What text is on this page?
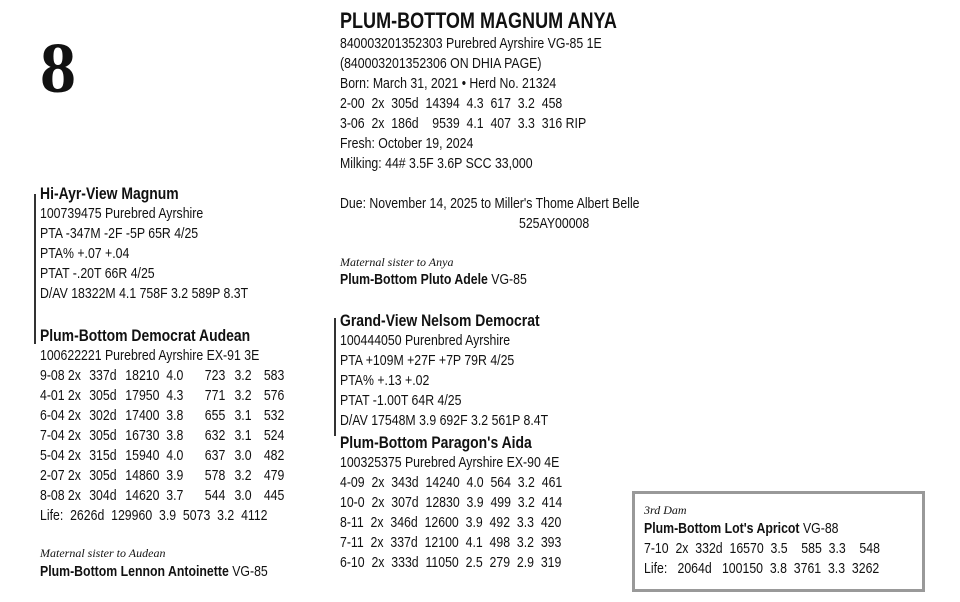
8
PLUM-BOTTOM MAGNUM ANYA
840003201352303 Purebred Ayrshire VG-85 1E
(840003201352306 ON DHIA PAGE)
Born: March 31, 2021 • Herd No. 21324
2-00  2x  305d  14394  4.3  617  3.2  458
3-06  2x  186d    9539  4.1  407  3.3  316 RIP
Fresh: October 19, 2024
Milking: 44# 3.5F 3.6P SCC 33,000
Due: November 14, 2025 to Miller's Thome Albert Belle
525AY00008
Hi-Ayr-View Magnum
100739475 Purebred Ayrshire
PTA -347M -2F -5P 65R 4/25
PTA% +.07 +.04
PTAT -.20T 66R 4/25
D/AV 18322M 4.1 758F 3.2 589P 8.3T
Plum-Bottom Democrat Audean
100622221 Purebred Ayrshire EX-91 3E
9-08 2x 337d 18210 4.0	723 3.2 583
4-01 2x 305d 17950 4.3	771 3.2 576
6-04 2x 302d 17400 3.8	655 3.1 532
7-04 2x 305d 16730 3.8	632 3.1 524
5-04 2x 315d 15940 4.0	637 3.0 482
2-07 2x 305d 14860 3.9	578 3.2 479
8-08 2x 304d 14620 3.7	544 3.0 445
Life:  2626d  129960  3.9  5073  3.2  4112
Maternal sister to Audean
Plum-Bottom Lennon Antoinette VG-85
Maternal sister to Anya
Plum-Bottom Pluto Adele VG-85
Grand-View Nelsom Democrat
100444050 Purenbred Ayrshire
PTA +109M +27F +7P 79R 4/25
PTA% +.13 +.02
PTAT -1.00T 64R 4/25
D/AV 17548M 3.9 692F 3.2 561P 8.4T
Plum-Bottom Paragon's Aida
100325375 Purebred Ayrshire EX-90 4E
4-09  2x  343d  14240  4.0  564  3.2  461
10-0  2x  307d  12830  3.9  499  3.2  414
8-11  2x  346d  12600  3.9  492  3.3  420
7-11  2x  337d  12100  4.1  498  3.2  393
6-10  2x  333d  11050  2.5  279  2.9  319
3rd Dam
Plum-Bottom Lot's Apricot VG-88
7-10  2x  332d  16570  3.5    585  3.3    548
Life:   2064d   100150  3.8  3761  3.3  3262
